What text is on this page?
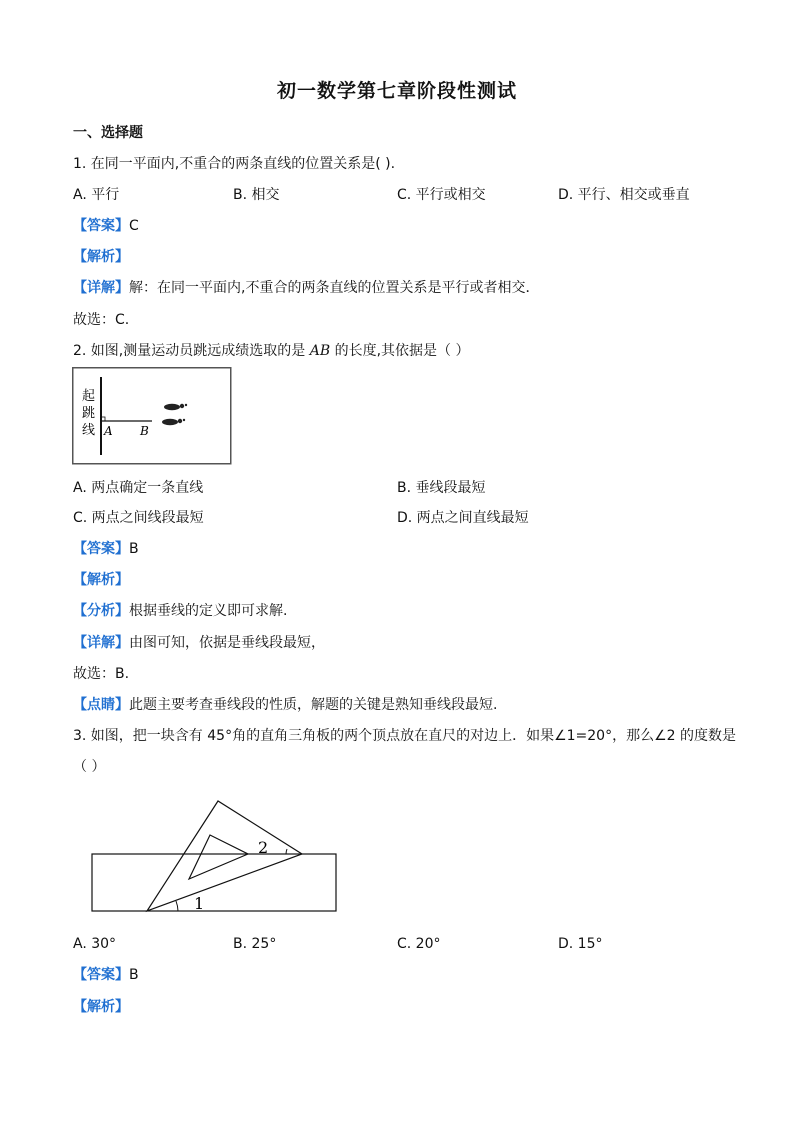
初一数学第七章阶段性测试
一、选择题
1. 在同一平面内,不重合的两条直线的位置关系是( ).
A. 平行	B. 相交	C. 平行或相交	D. 平行、相交或垂直
【答案】C
【解析】
【详解】解：在同一平面内,不重合的两条直线的位置关系是平行或者相交．
故选：C.
2. 如图,测量运动员跳远成绩选取的是 AB 的长度,其依据是（ ）
起
跳
线 A B
A. 两点确定一条直线	B. 垂线段最短
C. 两点之间线段最短	D. 两点之间直线最短
【答案】B
【解析】
【分析】根据垂线的定义即可求解.
【详解】由图可知，依据是垂线段最短，
故选：B.
【点睛】此题主要考查垂线段的性质，解题的关键是熟知垂线段最短.
3. 如图，把一块含有 45°角的直角三角板的两个顶点放在直尺的对边上．如果∠1=20°，那么∠2 的度数是
（ ）
1
2
A. 30°	B. 25°	C. 20°	D. 15°
【答案】B
【解析】
